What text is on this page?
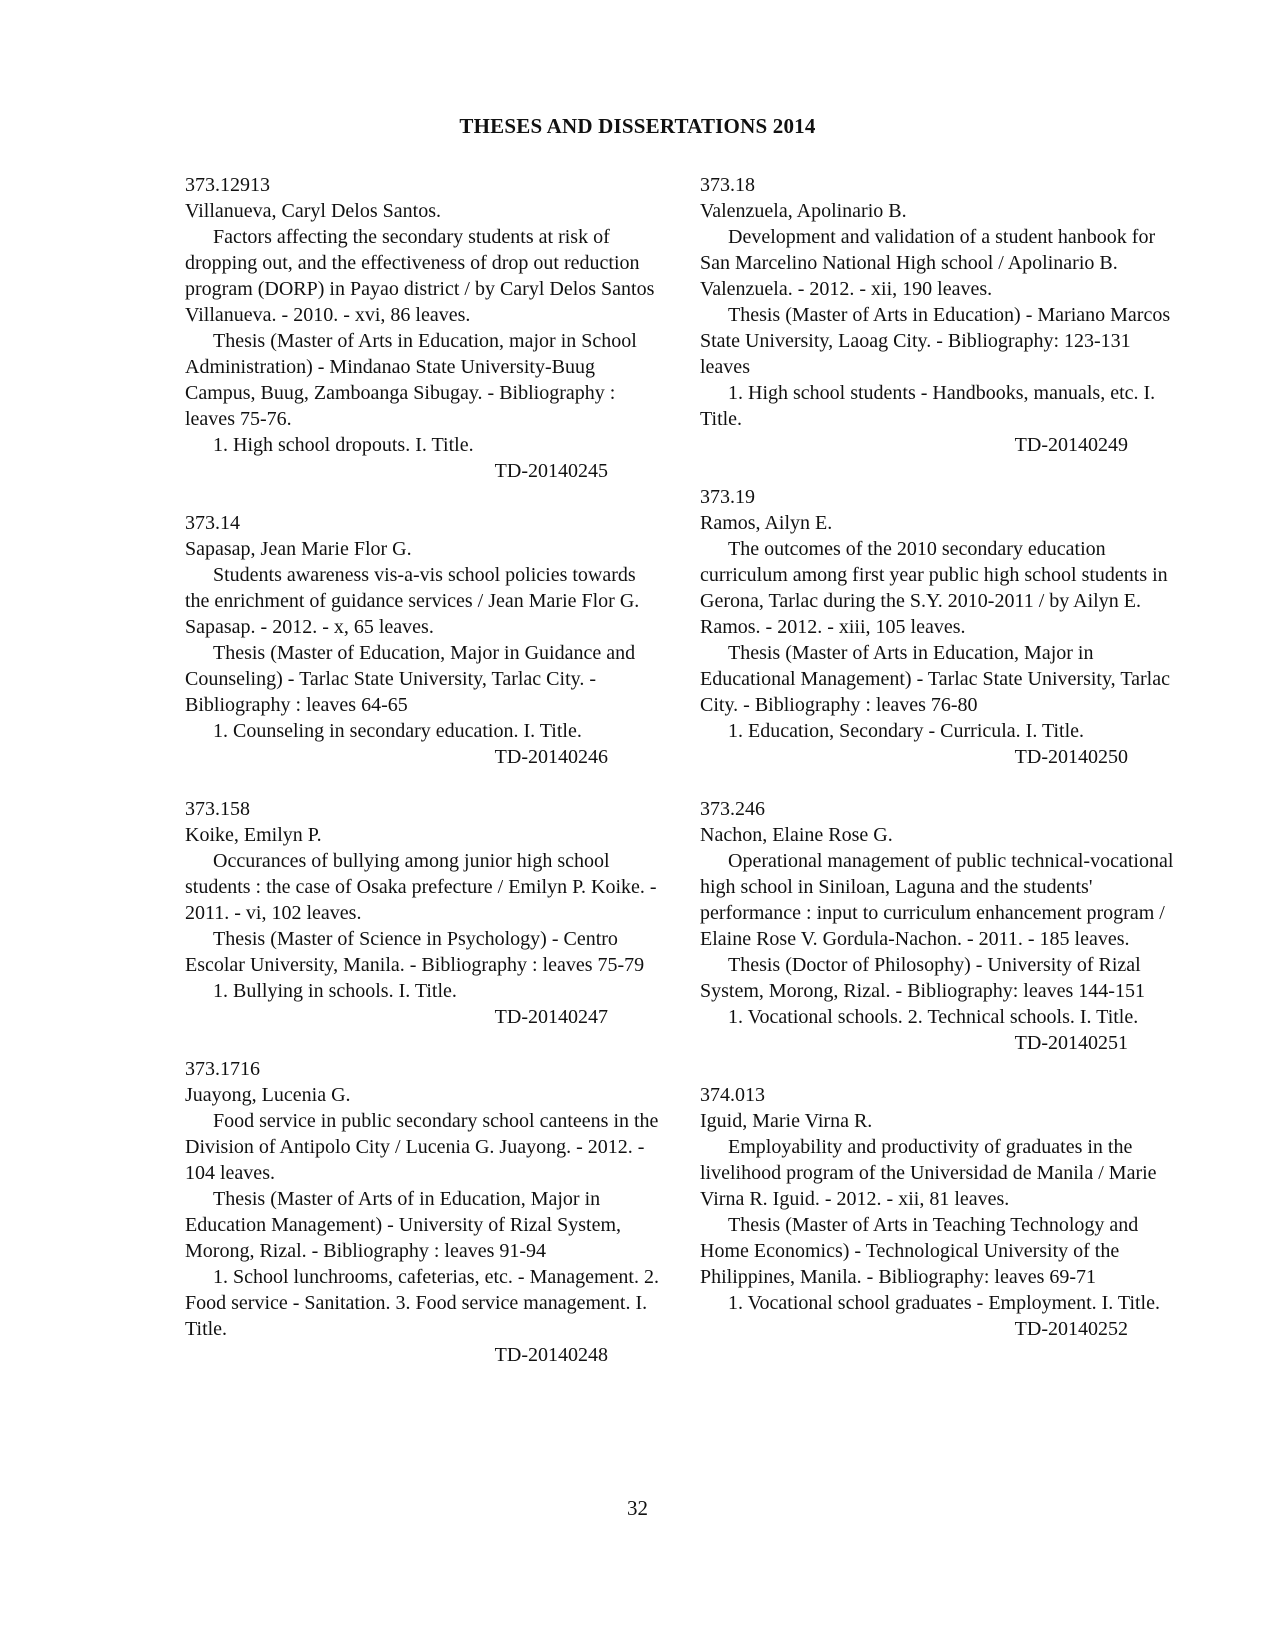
THESES AND DISSERTATIONS 2014

373.12913

Villanueva, Caryl Delos Santos.

Factors affecting the secondary students at risk of dropping out, and the effectiveness of drop out reduction program (DORP) in Payao district / by Caryl Delos Santos Villanueva. - 2010. - xvi, 86 leaves.

Thesis (Master of Arts in Education, major in School Administration) - Mindanao State University-Buug Campus, Buug, Zamboanga Sibugay. - Bibliography : leaves 75-76.

1. High school dropouts. I. Title.

TD-20140245

373.14

Sapasap, Jean Marie Flor G.

Students awareness vis-a-vis school policies towards the enrichment of guidance services / Jean Marie Flor G. Sapasap. - 2012. - x, 65 leaves.

Thesis (Master of Education, Major in Guidance and Counseling) - Tarlac State University, Tarlac City. - Bibliography : leaves 64-65

1. Counseling in secondary education. I. Title.

TD-20140246

373.158

Koike, Emilyn P.

Occurances of bullying among junior high school students : the case of Osaka prefecture / Emilyn P. Koike. - 2011. - vi, 102 leaves.

Thesis (Master of Science in Psychology) - Centro Escolar University, Manila. - Bibliography : leaves 75-79

1. Bullying in schools. I. Title.

TD-20140247

373.1716

Juayong, Lucenia G.

Food service in public secondary school canteens in the Division of Antipolo City / Lucenia G. Juayong. - 2012. - 104 leaves.

Thesis (Master of Arts of in Education, Major in Education Management) - University of Rizal System, Morong, Rizal. - Bibliography : leaves 91-94

1. School lunchrooms, cafeterias, etc. - Management. 2. Food service - Sanitation. 3. Food service management. I. Title.

TD-20140248

373.18

Valenzuela, Apolinario B.

Development and validation of a student hanbook for San Marcelino National High school / Apolinario B. Valenzuela. - 2012. - xii, 190 leaves.

Thesis (Master of Arts in Education) - Mariano Marcos State University, Laoag City. - Bibliography: 123-131 leaves

1. High school students - Handbooks, manuals, etc. I. Title.

TD-20140249

373.19

Ramos, Ailyn E.

The outcomes of the 2010 secondary education curriculum among first year public high school students in Gerona, Tarlac during the S.Y. 2010-2011 / by Ailyn E. Ramos. - 2012. - xiii, 105 leaves.

Thesis (Master of Arts in Education, Major in Educational Management) - Tarlac State University, Tarlac City. - Bibliography : leaves 76-80

1. Education, Secondary - Curricula. I. Title.

TD-20140250

373.246

Nachon, Elaine Rose G.

Operational management of public technical-vocational high school in Siniloan, Laguna and the students' performance : input to curriculum enhancement program / Elaine Rose V. Gordula-Nachon. - 2011. - 185 leaves.

Thesis (Doctor of Philosophy) - University of Rizal System, Morong, Rizal. - Bibliography: leaves 144-151

1. Vocational schools. 2. Technical schools. I. Title.

TD-20140251

374.013

Iguid, Marie Virna R.

Employability and productivity of graduates in the livelihood program of the Universidad de Manila / Marie Virna R. Iguid. - 2012. - xii, 81 leaves.

Thesis (Master of Arts in Teaching Technology and Home Economics) - Technological University of the Philippines, Manila. - Bibliography: leaves 69-71

1. Vocational school graduates - Employment. I. Title.

TD-20140252

32
